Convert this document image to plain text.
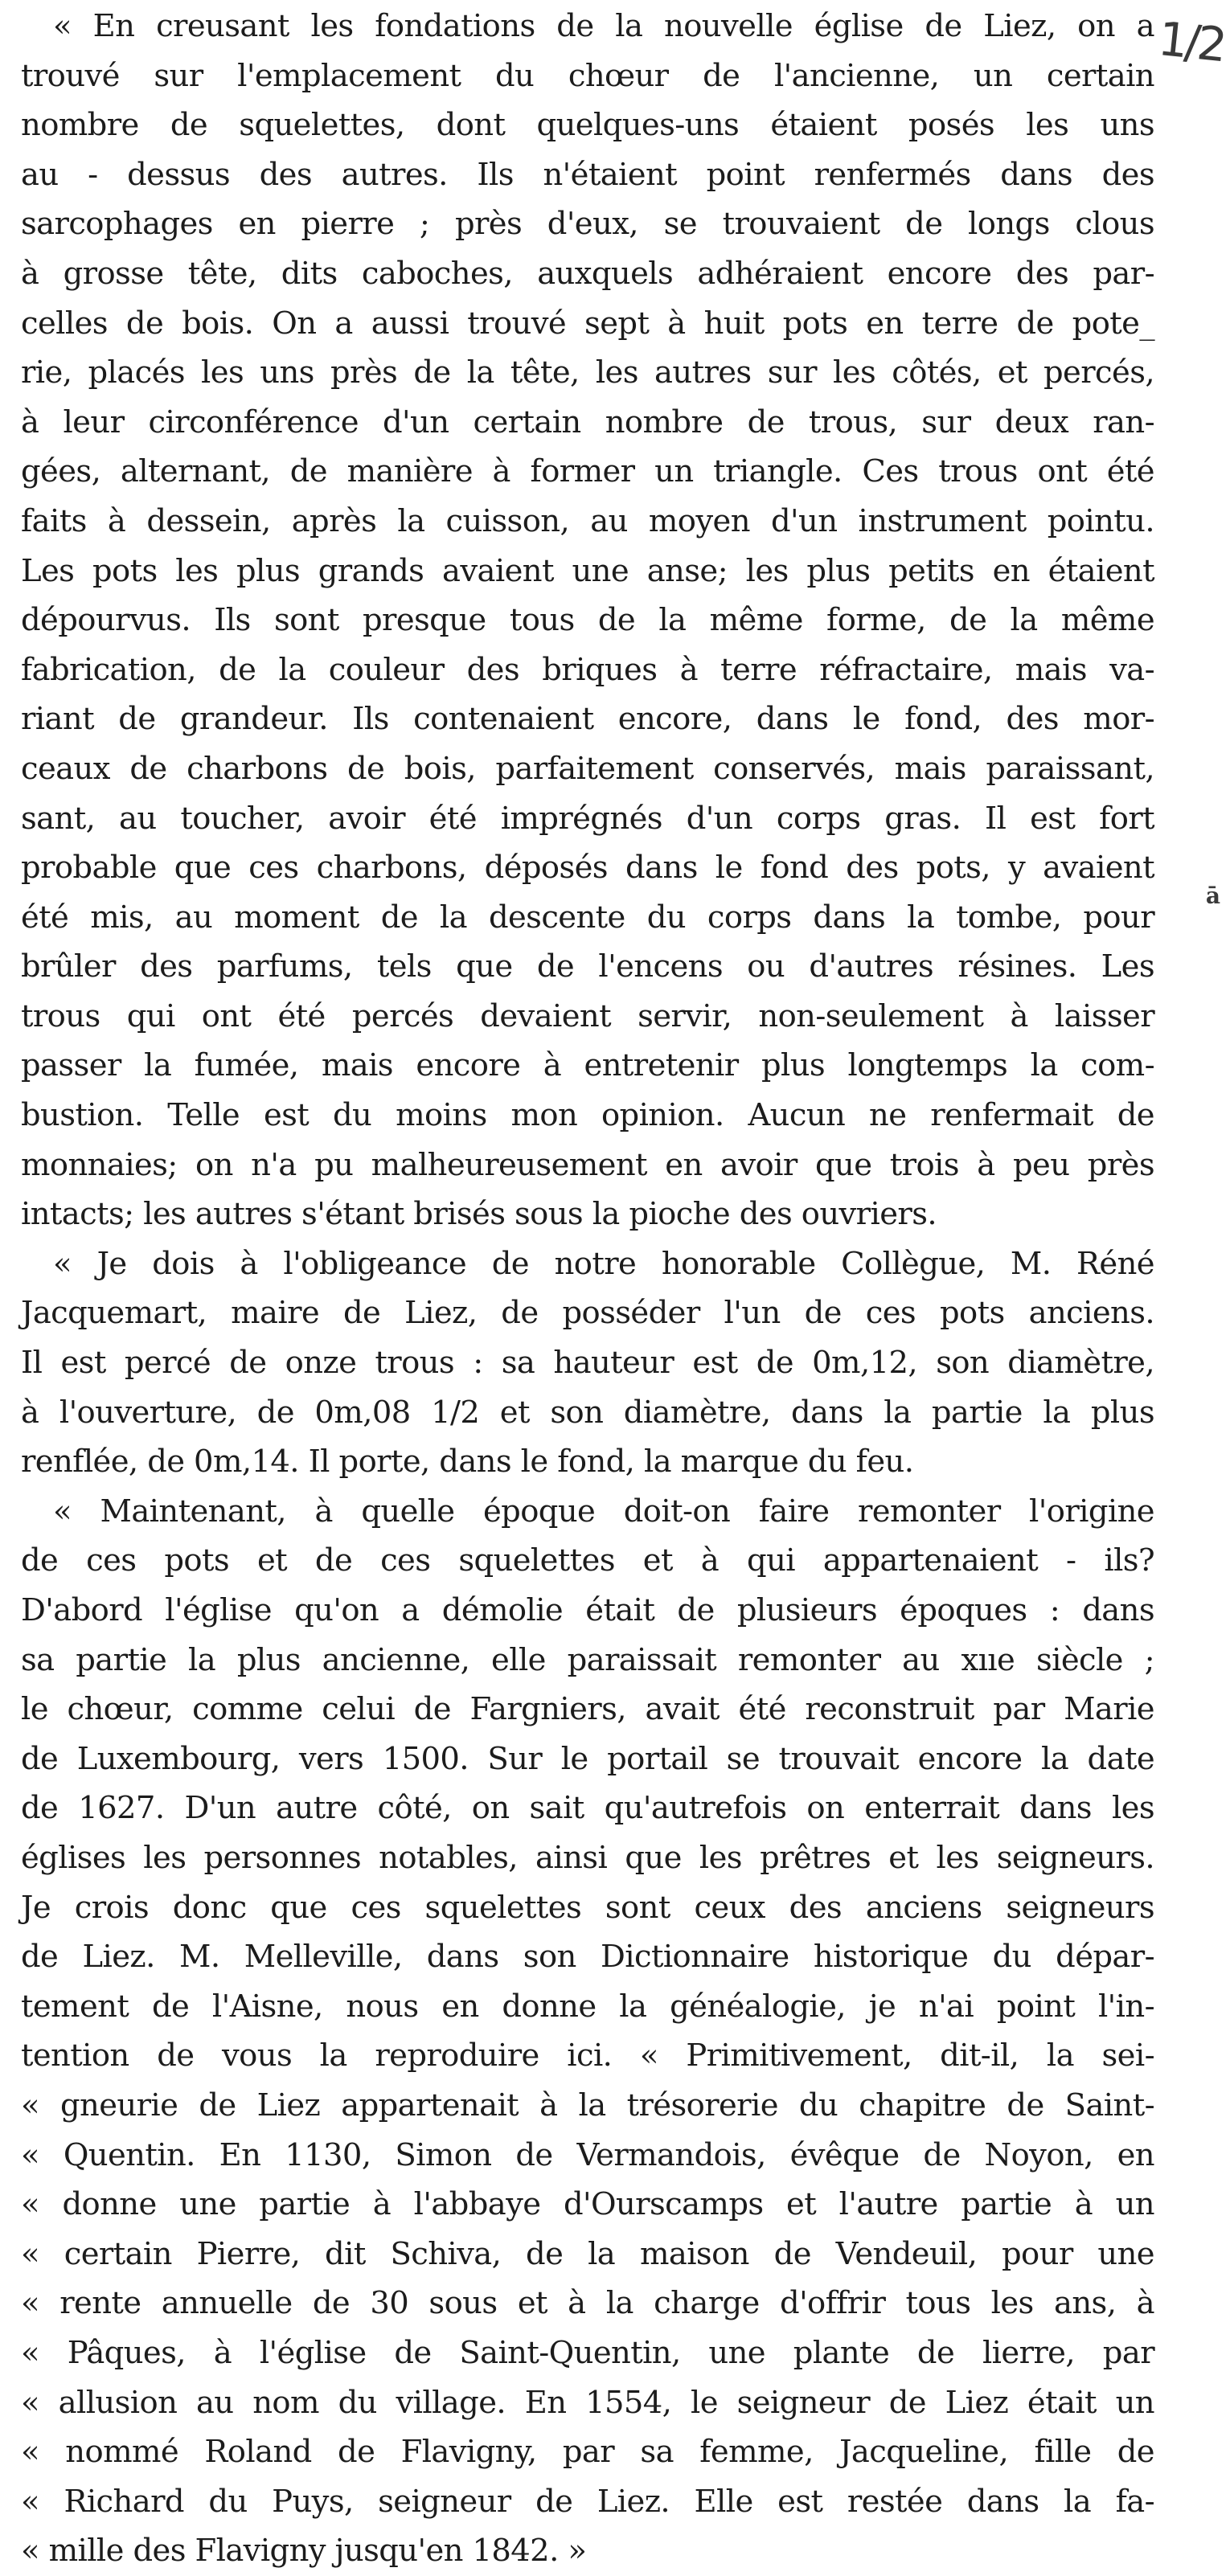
1/2
ā
« En creusant les fondations de la nouvelle église de Liez, on a
trouvé sur l'emplacement du chœur de l'ancienne, un certain
nombre de squelettes, dont quelques-uns étaient posés les uns
au - dessus des autres. Ils n'étaient point renfermés dans des
sarcophages en pierre ; près d'eux, se trouvaient de longs clous
à grosse tête, dits caboches, auxquels adhéraient encore des par-
celles de bois. On a aussi trouvé sept à huit pots en terre de pote_
rie, placés les uns près de la tête, les autres sur les côtés, et percés,
à leur circonférence d'un certain nombre de trous, sur deux ran-
gées, alternant, de manière à former un triangle. Ces trous ont été
faits à dessein, après la cuisson, au moyen d'un instrument pointu.
Les pots les plus grands avaient une anse; les plus petits en étaient
dépourvus. Ils sont presque tous de la même forme, de la même
fabrication, de la couleur des briques à terre réfractaire, mais va-
riant de grandeur. Ils contenaient encore, dans le fond, des mor-
ceaux de charbons de bois, parfaitement conservés, mais paraissant,
sant, au toucher, avoir été imprégnés d'un corps gras. Il est fort
probable que ces charbons, déposés dans le fond des pots, y avaient
été mis, au moment de la descente du corps dans la tombe, pour
brûler des parfums, tels que de l'encens ou d'autres résines. Les
trous qui ont été percés devaient servir, non-seulement à laisser
passer la fumée, mais encore à entretenir plus longtemps la com-
bustion. Telle est du moins mon opinion. Aucun ne renfermait de
monnaies; on n'a pu malheureusement en avoir que trois à peu près
intacts; les autres s'étant brisés sous la pioche des ouvriers.
« Je dois à l'obligeance de notre honorable Collègue, M. Réné
Jacquemart, maire de Liez, de posséder l'un de ces pots anciens.
Il est percé de onze trous : sa hauteur est de 0m,12, son diamètre,
à l'ouverture, de 0m,08 1/2 et son diamètre, dans la partie la plus
renflée, de 0m,14. Il porte, dans le fond, la marque du feu.
« Maintenant, à quelle époque doit-on faire remonter l'origine
de ces pots et de ces squelettes et à qui appartenaient - ils?
D'abord l'église qu'on a démolie était de plusieurs époques : dans
sa partie la plus ancienne, elle paraissait remonter au xııe siècle ;
le chœur, comme celui de Fargniers, avait été reconstruit par Marie
de Luxembourg, vers 1500. Sur le portail se trouvait encore la date
de 1627. D'un autre côté, on sait qu'autrefois on enterrait dans les
églises les personnes notables, ainsi que les prêtres et les seigneurs.
Je crois donc que ces squelettes sont ceux des anciens seigneurs
de Liez. M. Melleville, dans son Dictionnaire historique du dépar-
tement de l'Aisne, nous en donne la généalogie, je n'ai point l'in-
tention de vous la reproduire ici. « Primitivement, dit-il, la sei-
« gneurie de Liez appartenait à la trésorerie du chapitre de Saint-
« Quentin. En 1130, Simon de Vermandois, évêque de Noyon, en
« donne une partie à l'abbaye d'Ourscamps et l'autre partie à un
« certain Pierre, dit Schiva, de la maison de Vendeuil, pour une
« rente annuelle de 30 sous et à la charge d'offrir tous les ans, à
« Pâques, à l'église de Saint-Quentin, une plante de lierre, par
« allusion au nom du village. En 1554, le seigneur de Liez était un
« nommé Roland de Flavigny, par sa femme, Jacqueline, fille de
« Richard du Puys, seigneur de Liez. Elle est restée dans la fa-
« mille des Flavigny jusqu'en 1842. »
